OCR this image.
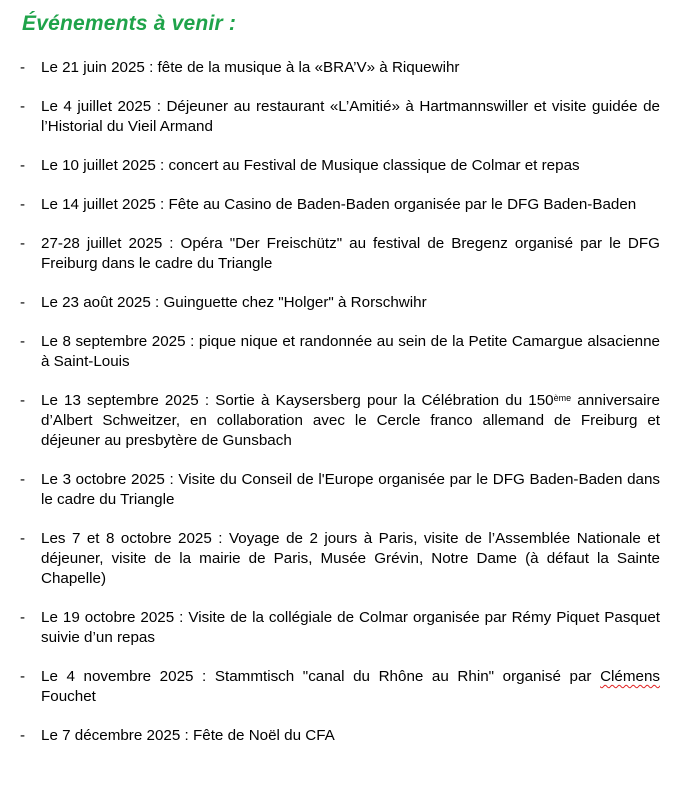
Événements à venir :
- Le 21 juin 2025 : fête de la musique à la «BRA’V» à Riquewihr
- Le 4 juillet 2025 : Déjeuner au restaurant «L’Amitié» à Hartmannswiller et visite guidée de l’Historial du Vieil Armand
- Le 10 juillet 2025 : concert au Festival de Musique classique de Colmar et repas
- Le 14 juillet 2025 : Fête au Casino de Baden-Baden organisée par le DFG Baden-Baden
- 27-28 juillet 2025 : Opéra "Der Freischütz" au festival de Bregenz organisé par le DFG Freiburg dans le cadre du Triangle
- Le 23 août 2025 : Guinguette chez "Holger" à Rorschwihr
- Le 8 septembre 2025 : pique nique et randonnée au sein de la Petite Camargue alsacienne à Saint-Louis
- Le 13 septembre 2025 : Sortie à Kaysersberg pour la Célébration du 150ème anniversaire d’Albert Schweitzer, en collaboration avec le Cercle franco allemand de Freiburg et déjeuner au presbytère de Gunsbach
- Le 3 octobre 2025 : Visite du Conseil de l'Europe organisée par le DFG Baden-Baden dans le cadre du Triangle
- Les 7 et 8 octobre 2025 : Voyage de 2 jours à Paris, visite de l’Assemblée Nationale et déjeuner, visite de la mairie de Paris, Musée Grévin, Notre Dame (à défaut la Sainte Chapelle)
- Le 19 octobre 2025 : Visite de la collégiale de Colmar organisée par Rémy Piquet Pasquet suivie d’un repas
- Le 4 novembre 2025 : Stammtisch "canal du Rhône au Rhin" organisé par Clémens Fouchet
- Le 7 décembre 2025 : Fête de Noël du CFA
